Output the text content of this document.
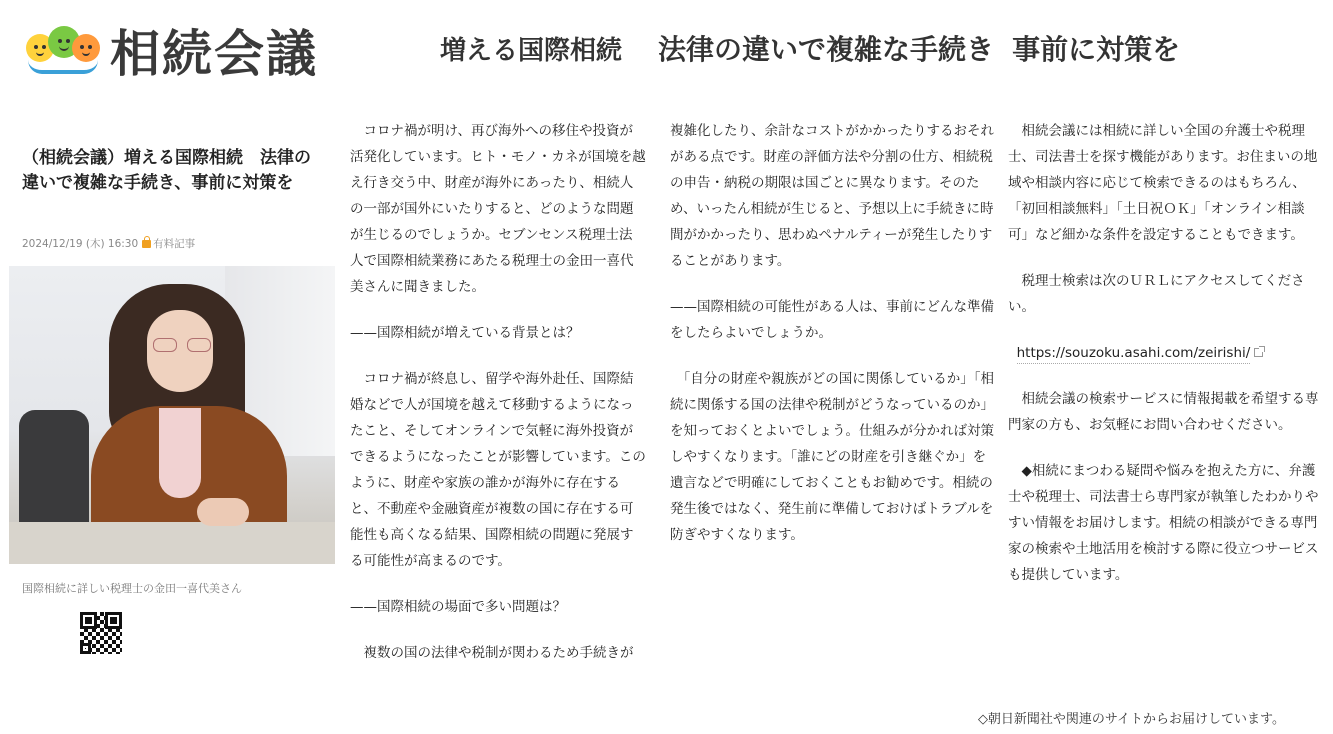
相続会議	増える国際相続 法律の違いで複雑な手続き 事前に対策を
（相続会議）増える国際相続　法律の違いで複雑な手続き、事前に対策を
2024/12/19 (木) 16:30 有料記事
国際相続に詳しい税理士の金田一喜代美さん

　コロナ禍が明け、再び海外への移住や投資が活発化しています。ヒト・モノ・カネが国境を越え行き交う中、財産が海外にあったり、相続人の一部が国外にいたりすると、どのような問題が生じるのでしょうか。セブンセンス税理士法人で国際相続業務にあたる税理士の金田一喜代美さんに聞きました。

——国際相続が増えている背景とは？

　コロナ禍が終息し、留学や海外赴任、国際結婚などで人が国境を越えて移動するようになったこと、そしてオンラインで気軽に海外投資ができるようになったことが影響しています。このように、財産や家族の誰かが海外に存在すると、不動産や金融資産が複数の国に存在する可能性も高くなる結果、国際相続の問題に発展する可能性が高まるのです。

——国際相続の場面で多い問題は？

　複数の国の法律や税制が関わるため手続きが

複雑化したり、余計なコストがかかったりするおそれがある点です。財産の評価方法や分割の仕方、相続税の申告・納税の期限は国ごとに異なります。そのため、いったん相続が生じると、予想以上に手続きに時間がかかったり、思わぬペナルティーが発生したりすることがあります。

——国際相続の可能性がある人は、事前にどんな準備をしたらよいでしょうか。

　「自分の財産や親族がどの国に関係しているか」「相続に関係する国の法律や税制がどうなっているのか」を知っておくとよいでしょう。仕組みが分かれば対策しやすくなります。「誰にどの財産を引き継ぐか」を遺言などで明確にしておくこともお勧めです。相続の発生後ではなく、発生前に準備しておけばトラブルを防ぎやすくなります。

　相続会議には相続に詳しい全国の弁護士や税理士、司法書士を探す機能があります。お住まいの地域や相談内容に応じて検索できるのはもちろん、「初回相談無料」「土日祝ＯＫ」「オンライン相談可」など細かな条件を設定することもできます。

　税理士検索は次のＵＲＬにアクセスしてください。

https://souzoku.asahi.com/zeirishi/

　相続会議の検索サービスに情報掲載を希望する専門家の方も、お気軽にお問い合わせください。

　◆相続にまつわる疑問や悩みを抱えた方に、弁護士や税理士、司法書士ら専門家が執筆したわかりやすい情報をお届けします。相続の相談ができる専門家の検索や土地活用を検討する際に役立つサービスも提供しています。

◇朝日新聞社や関連のサイトからお届けしています。
